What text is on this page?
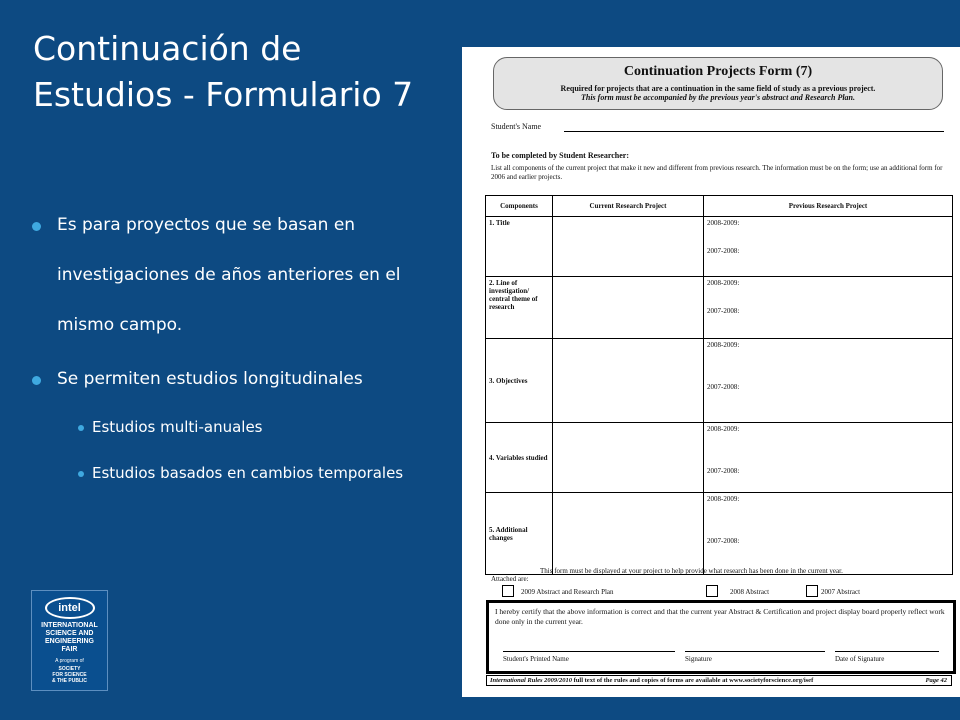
Continuación de Estudios - Formulario 7
Es para proyectos que se basan en investigaciones de años anteriores en el mismo campo.
Se permiten estudios longitudinales
Estudios multi-anuales
Estudios basados en cambios temporales
intel
INTERNATIONAL
SCIENCE AND
ENGINEERING
FAIR
A program of
SOCIETY
FOR SCIENCE
& THE PUBLIC
Continuation Projects Form (7)
Required for projects that are a continuation in the same field of study as a previous project.
This form must be accompanied by the previous year's abstract and Research Plan.
Student's Name
To be completed by Student Researcher:
List all components of the current project that make it new and different from previous research. The information must be on the form; use an additional form for 2006 and earlier projects.
Components	Current Research Project	Previous Research Project
1. Title		2008-2009:
2007-2008:

2. Line of investigation/ central theme of research		2008-2009:
2007-2008:

3. Objectives		2008-2009:
2007-2008:

4. Variables studied		2008-2009:
2007-2008:

5. Additional changes		2008-2009:
2007-2008:
This form must be displayed at your project to help provide what research has been done in the current year.
Attached are:
2009 Abstract and Research Plan	2008 Abstract	2007 Abstract
I hereby certify that the above information is correct and that the current year Abstract & Certification and project display board properly reflect work done only in the current year.
Student's Printed Name	Signature	Date of Signature
International Rules 2009/2010 full text of the rules and copies of forms are available at www.societyforscience.org/isef	Page 42
